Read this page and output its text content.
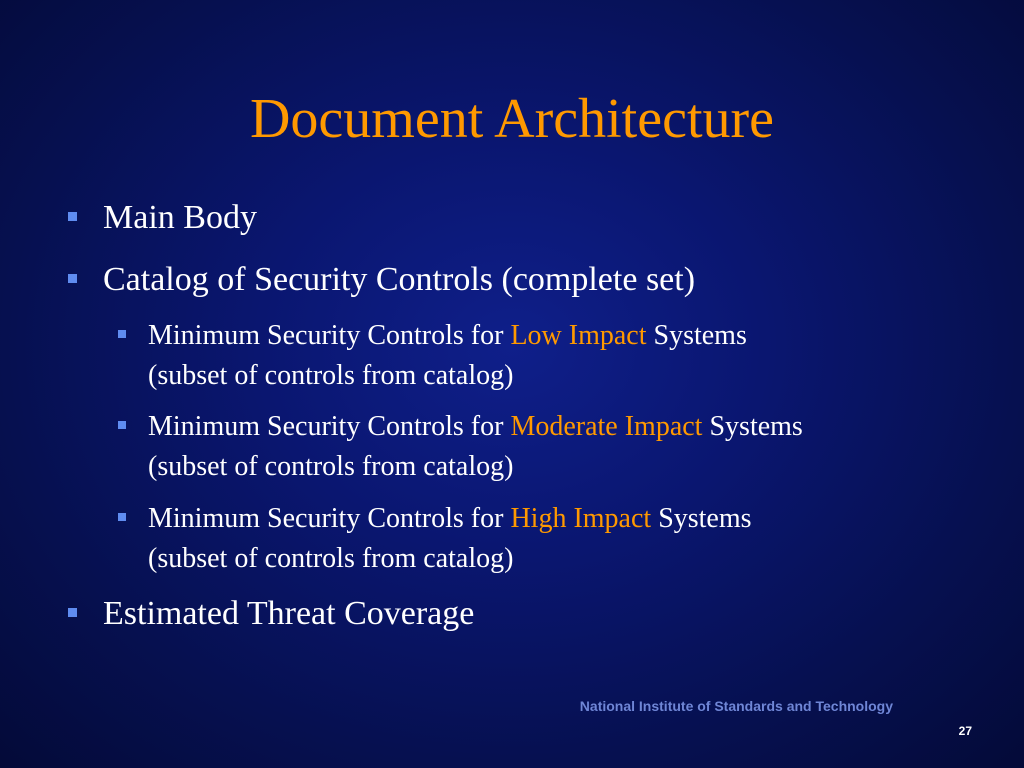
Document Architecture
Main Body
Catalog of Security Controls (complete set)
Minimum Security Controls for Low Impact Systems
(subset of controls from catalog)
Minimum Security Controls for Moderate Impact Systems
(subset of controls from catalog)
Minimum Security Controls for High Impact Systems
(subset of controls from catalog)
Estimated Threat Coverage
National Institute of Standards and Technology
27
